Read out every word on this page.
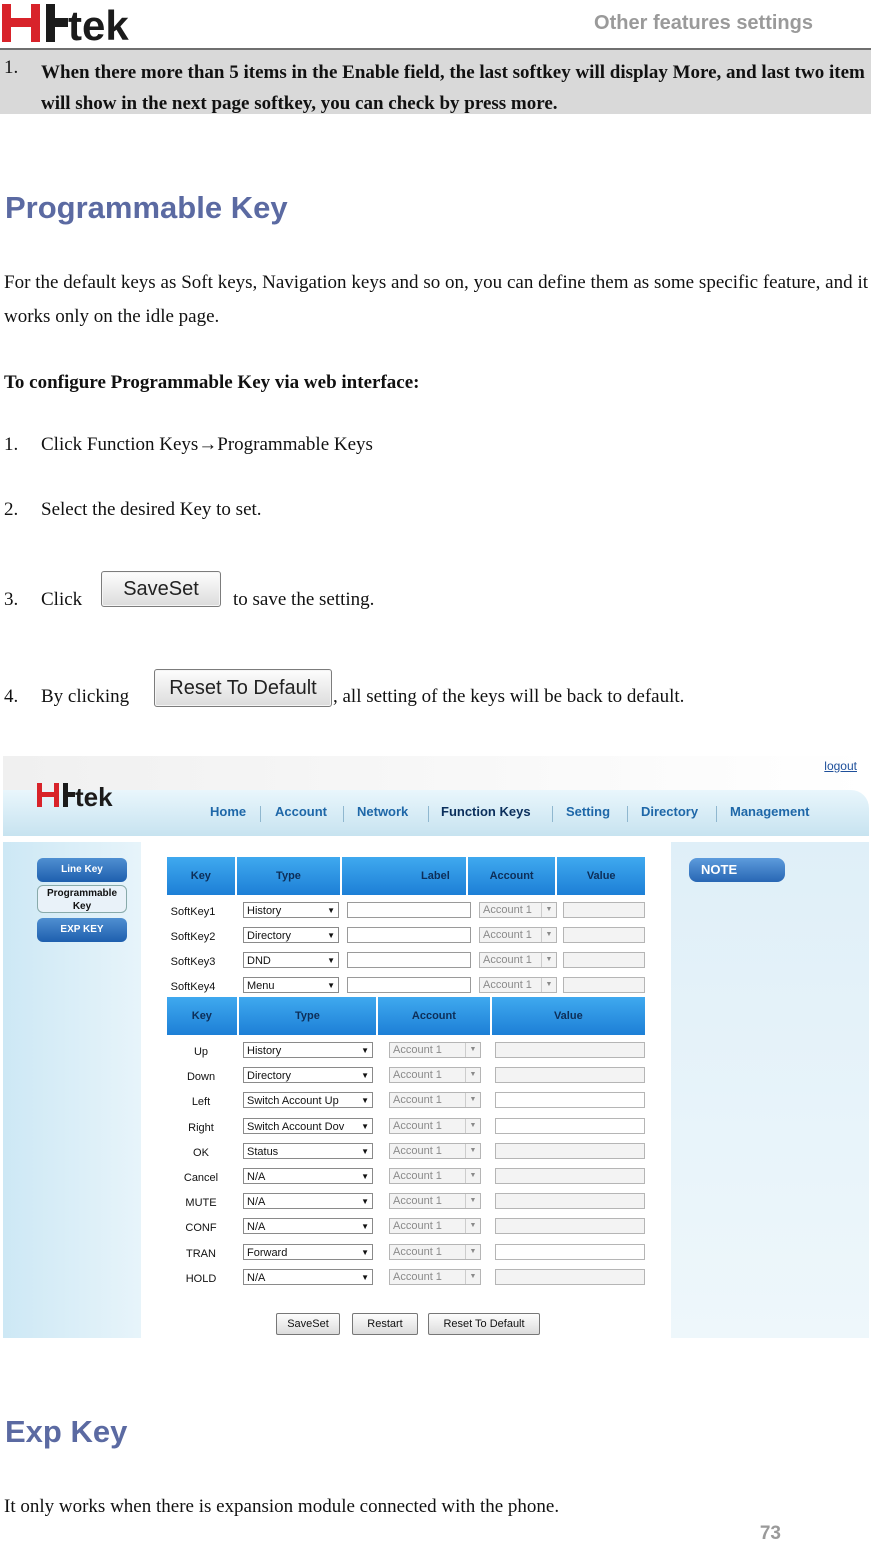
tek	Other features settings
1. When there more than 5 items in the Enable field, the last softkey will display More, and last two item will show in the next page softkey, you can check by press more.
Programmable Key
For the default keys as Soft keys, Navigation keys and so on, you can define them as some specific feature, and it works only on the idle page.
To configure Programmable Key via web interface:
1. Click Function Keys→Programmable Keys
2. Select the desired Key to set.
3. Click	SaveSet	to save the setting.
4. By clicking	Reset To Default , all setting of the keys will be back to default.
logout
tek	Home Account Network	Function Keys	Setting Directory Management
Line Key
Programmable Key
EXP KEY
Key	Type	Label	Account	Value
SoftKey1	History	▼	Account 1	▼
SoftKey2	Directory	▼	Account 1	▼
SoftKey3	DND	▼	Account 1	▼
SoftKey4	Menu	▼	Account 1	▼
Key	Type	Account	Value
Up	History	▼	Account 1	▼
Down	Directory	▼	Account 1	▼
Left	Switch Account Up	▼	Account 1	▼
Right	Switch Account Dov ▼	Account 1	▼
OK	Status	▼	Account 1	▼
Cancel	N/A	▼	Account 1	▼
MUTE	N/A	▼	Account 1	▼
CONF	N/A	▼	Account 1	▼
TRAN	Forward	▼	Account 1	▼
HOLD	N/A	▼	Account 1	▼
NOTE
SaveSet	Restart	Reset To Default
Exp Key
It only works when there is expansion module connected with the phone.
73
